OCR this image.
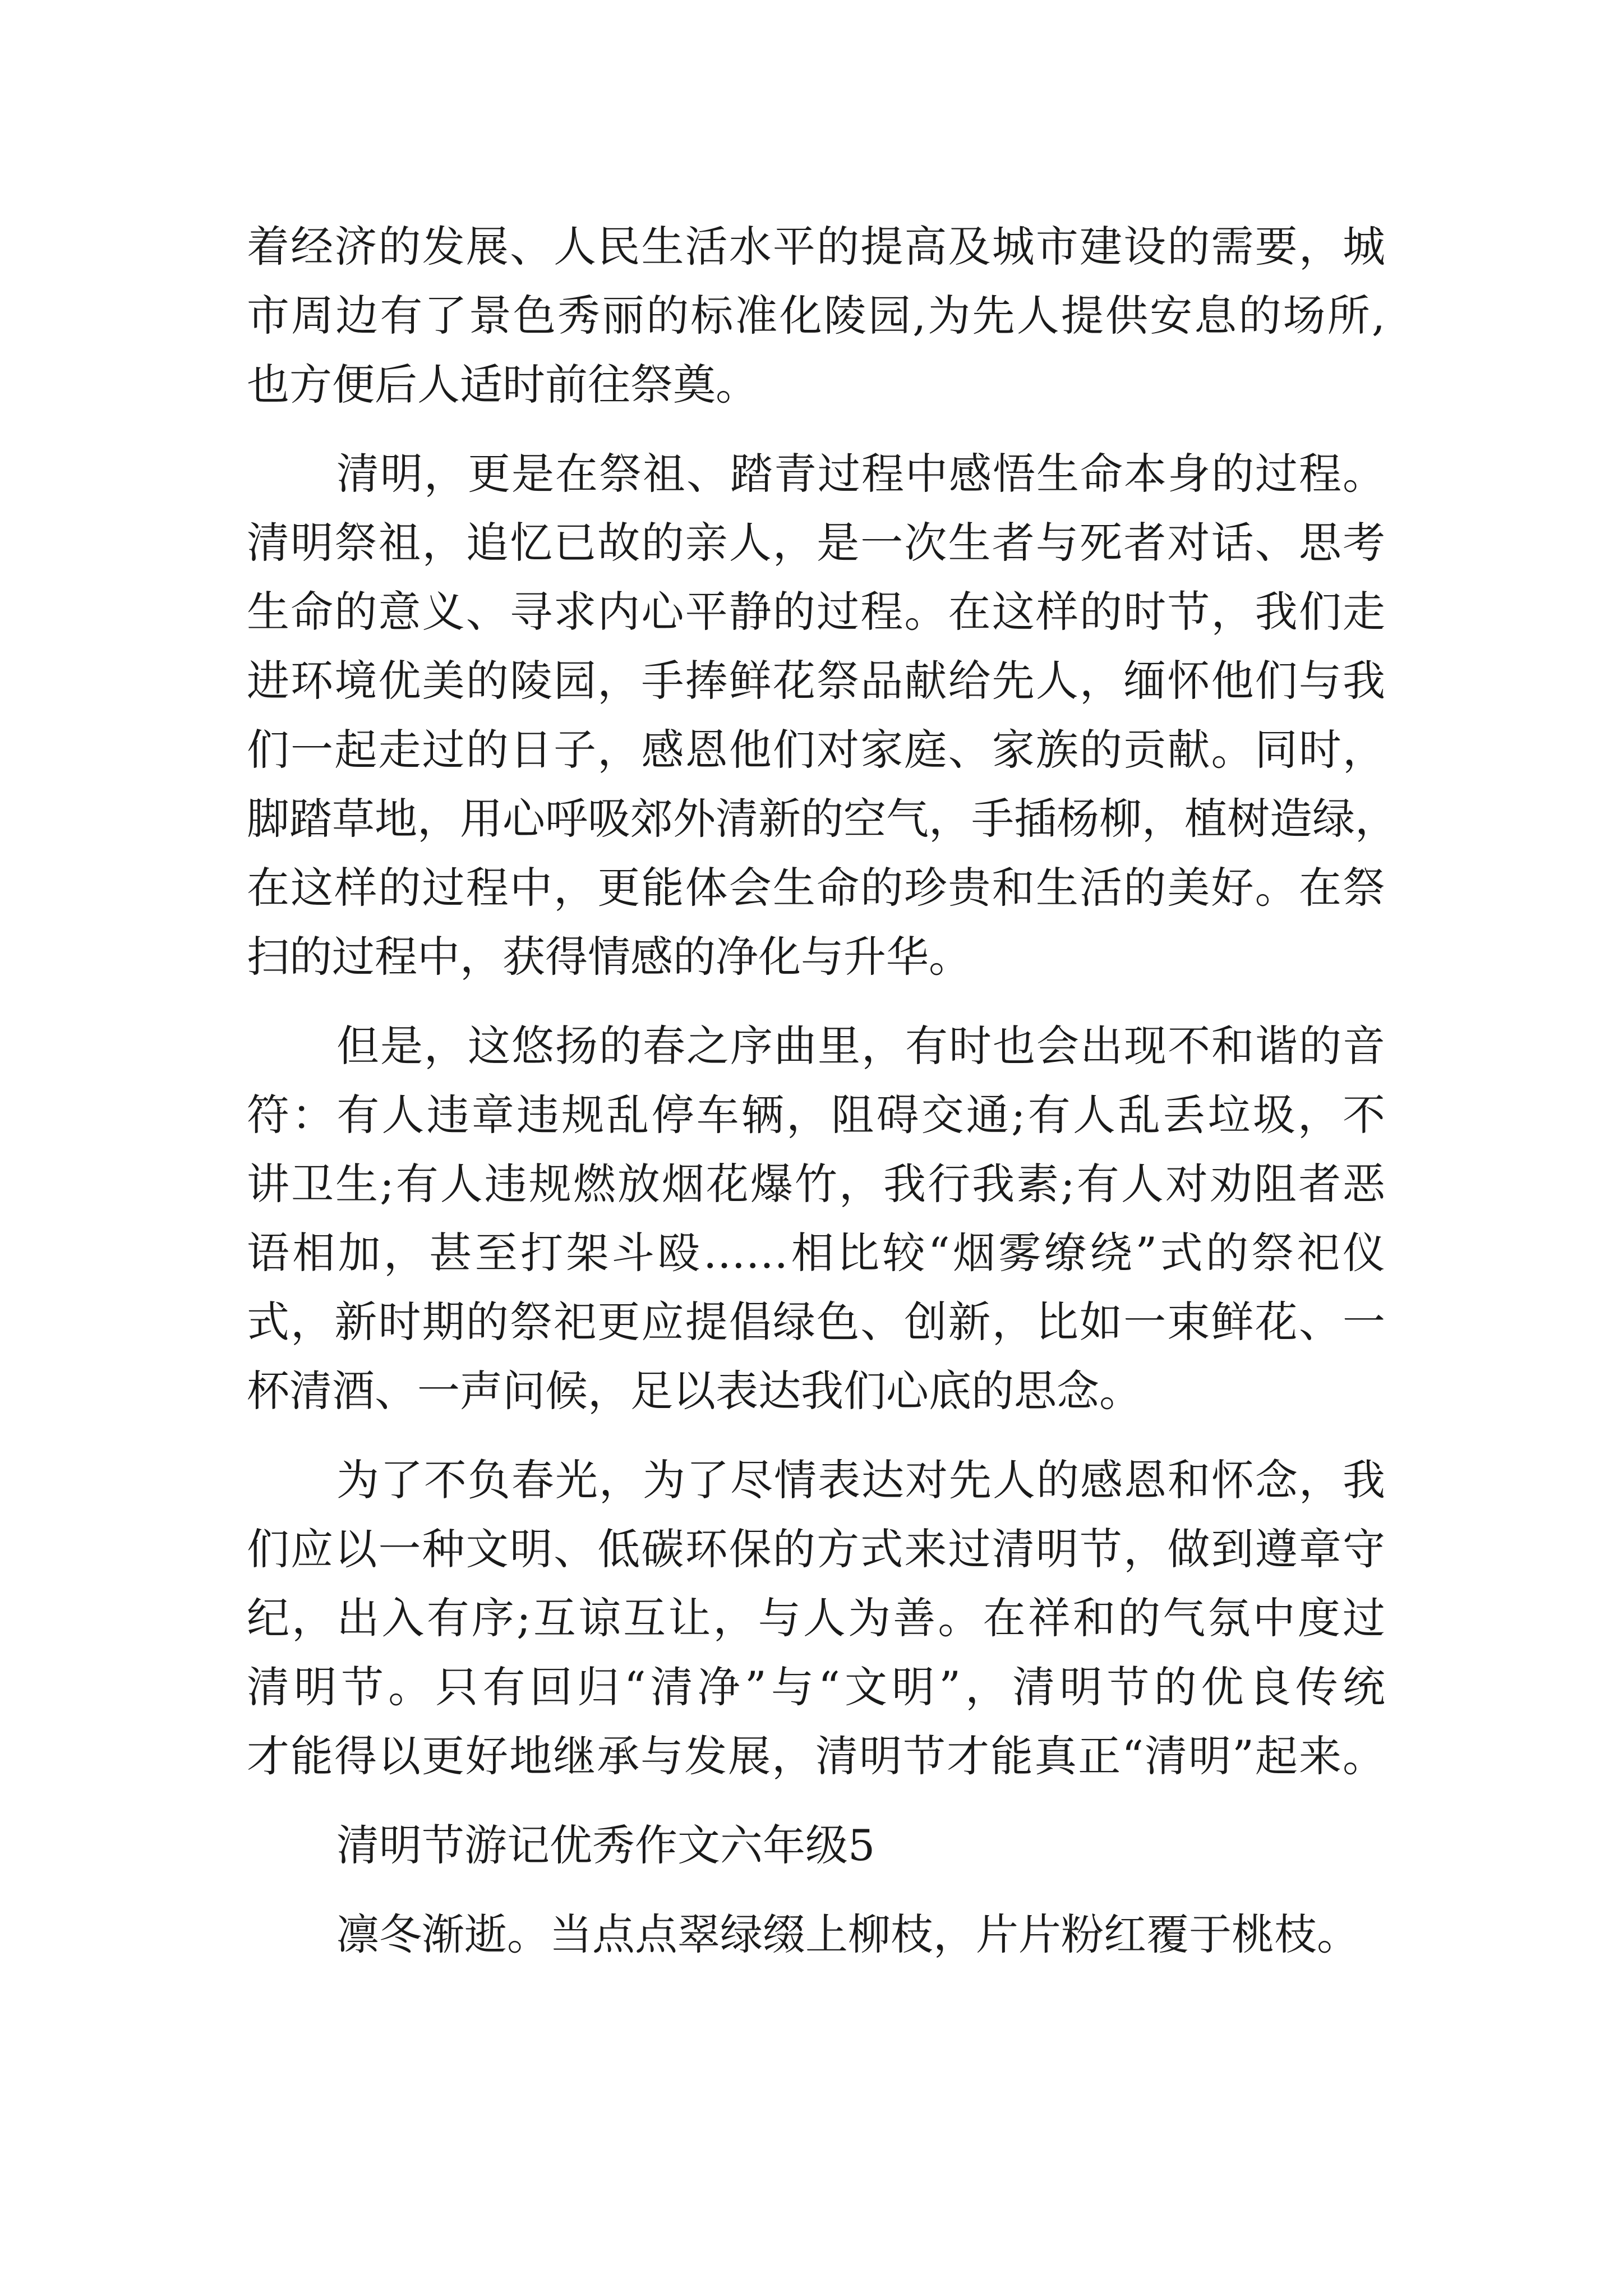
着经济的发展、人民生活水平的提高及城市建设的需要，城

市周边有了景色秀丽的标准化陵园,为先人提供安息的场所,

也方便后人适时前往祭奠。

清明，更是在祭祖、踏青过程中感悟生命本身的过程。

清明祭祖，追忆已故的亲人，是一次生者与死者对话、思考

生命的意义、寻求内心平静的过程。在这样的时节，我们走

进环境优美的陵园，手捧鲜花祭品献给先人，缅怀他们与我

们一起走过的日子，感恩他们对家庭、家族的贡献。同时，

脚踏草地，用心呼吸郊外清新的空气，手插杨柳，植树造绿，

在这样的过程中，更能体会生命的珍贵和生活的美好。在祭

扫的过程中，获得情感的净化与升华。

但是，这悠扬的春之序曲里，有时也会出现不和谐的音

符：有人违章违规乱停车辆，阻碍交通;有人乱丢垃圾，不

讲卫生;有人违规燃放烟花爆竹，我行我素;有人对劝阻者恶

语相加，甚至打架斗殴……相比较“烟雾缭绕”式的祭祀仪

式，新时期的祭祀更应提倡绿色、创新，比如一束鲜花、一

杯清酒、一声问候，足以表达我们心底的思念。

为了不负春光，为了尽情表达对先人的感恩和怀念，我

们应以一种文明、低碳环保的方式来过清明节，做到遵章守

纪，出入有序;互谅互让，与人为善。在祥和的气氛中度过

清明节。只有回归“清净”与“文明”，清明节的优良传统

才能得以更好地继承与发展，清明节才能真正“清明”起来。

清明节游记优秀作文六年级5

凛冬渐逝。当点点翠绿缀上柳枝，片片粉红覆于桃枝。
